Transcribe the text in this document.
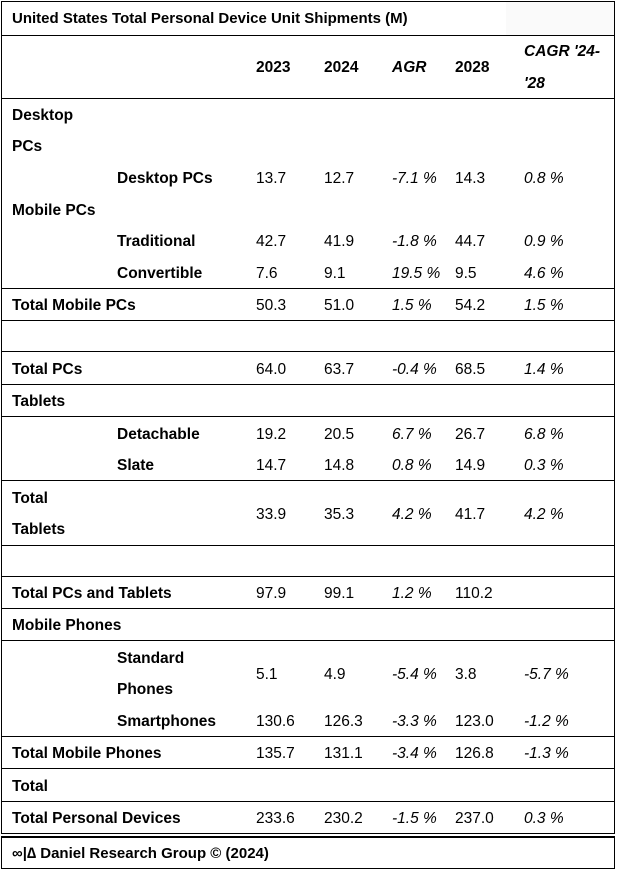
United States Total Personal Device Unit Shipments (M)
2023 2024 AGR 2028
CAGR '24-
'28
Desktop
PCs
Desktop PCs	13.7 12.7 -7.1 % 14.3	0.8 %
Mobile PCs
Traditional	42.7 41.9 -1.8 % 44.7	0.9 %
Convertible	7.6	9.1	19.5 % 9.5	4.6 %
Total Mobile PCs	50.3 51.0 1.5 % 54.2	1.5 %
Total PCs	64.0 63.7 -0.4 % 68.5	1.4 %
Tablets
Detachable	19.2 20.5 6.7 % 26.7	6.8 %
Slate	14.7 14.8 0.8 % 14.9	0.3 %
Total
Tablets
33.9 35.3 4.2 % 41.7	4.2 %
Total PCs and Tablets	97.9 99.1 1.2 % 110.2
Mobile Phones
Standard
Phones
5.1	4.9	-5.4 % 3.8	-5.7 %
Smartphones	130.6 126.3 -3.3 % 123.0 -1.2 %
Total Mobile Phones	135.7 131.1 -3.4 % 126.8 -1.3 %
Total
Total Personal Devices	233.6 230.2 -1.5 % 237.0 0.3 %
∞|∆ Daniel Research Group © (2024)
